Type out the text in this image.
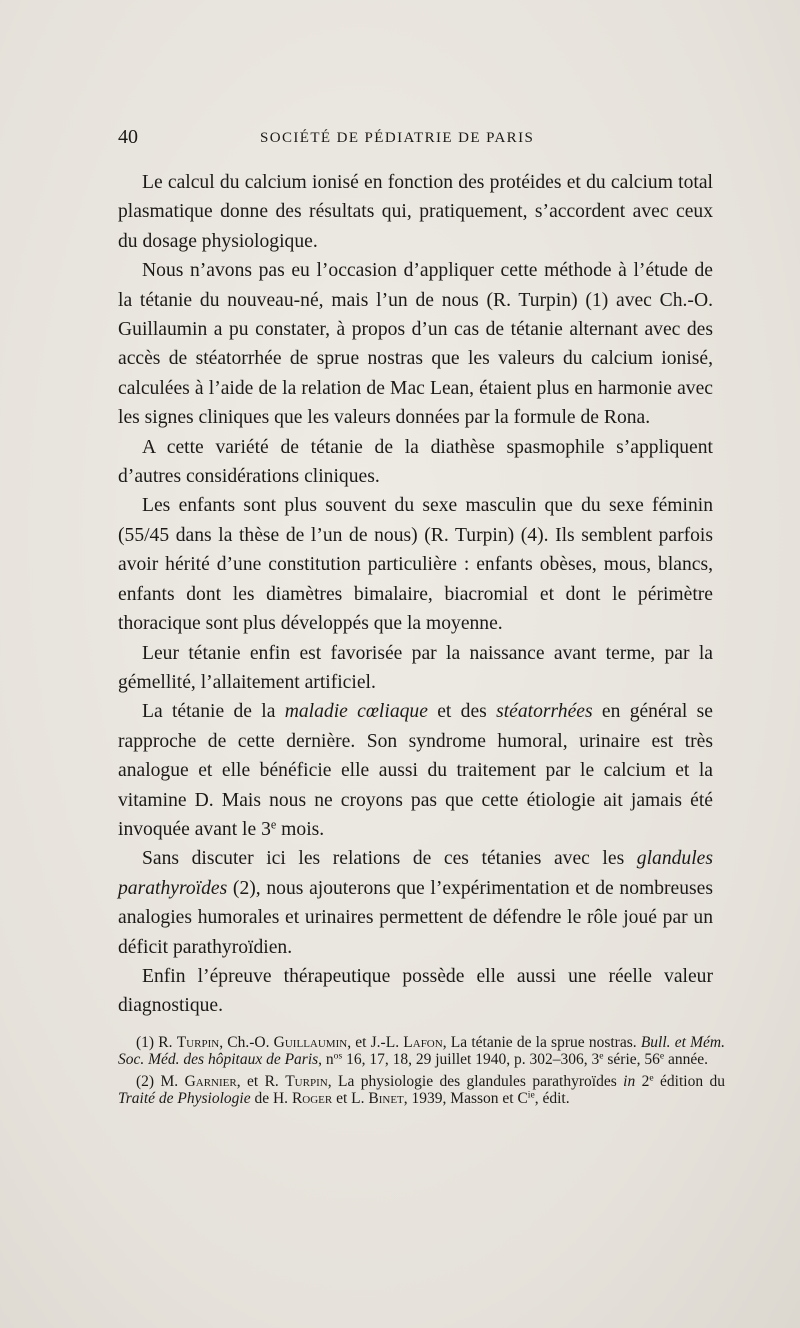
40	SOCIÉTÉ DE PÉDIATRIE DE PARIS

Le calcul du calcium ionisé en fonction des protéides et du calcium total plasmatique donne des résultats qui, pratiquement, s’accordent avec ceux du dosage physiologique.

Nous n’avons pas eu l’occasion d’appliquer cette méthode à l’étude de la tétanie du nouveau-né, mais l’un de nous (R. Turpin) (1) avec Ch.-O. Guillaumin a pu constater, à propos d’un cas de tétanie alternant avec des accès de stéatorrhée de sprue nostras que les valeurs du calcium ionisé, calculées à l’aide de la relation de Mac Lean, étaient plus en harmonie avec les signes cliniques que les valeurs données par la formule de Rona.

A cette variété de tétanie de la diathèse spasmophile s’appliquent d’autres considérations cliniques.

Les enfants sont plus souvent du sexe masculin que du sexe féminin (55/45 dans la thèse de l’un de nous) (R. Turpin) (4). Ils semblent parfois avoir hérité d’une constitution particulière : enfants obèses, mous, blancs, enfants dont les diamètres bimalaire, biacromial et dont le périmètre thoracique sont plus développés que la moyenne.

Leur tétanie enfin est favorisée par la naissance avant terme, par la gémellité, l’allaitement artificiel.

La tétanie de la maladie cœliaque et des stéatorrhées en général se rapproche de cette dernière. Son syndrome humoral, urinaire est très analogue et elle bénéficie elle aussi du traitement par le calcium et la vitamine D. Mais nous ne croyons pas que cette étiologie ait jamais été invoquée avant le 3e mois.

Sans discuter ici les relations de ces tétanies avec les glandules parathyroïdes (2), nous ajouterons que l’expérimentation et de nombreuses analogies humorales et urinaires permettent de défendre le rôle joué par un déficit parathyroïdien.

Enfin l’épreuve thérapeutique possède elle aussi une réelle valeur diagnostique.

(1) R. Turpin, Ch.-O. Guillaumin, et J.-L. Lafon, La tétanie de la sprue nostras. Bull. et Mém. Soc. Méd. des hôpitaux de Paris, $n^{os}$ 16, 17, 18, 29 juillet 1940, p. 302–306, 3e série, 56e année.

(2) M. Garnier, et R. Turpin, La physiologie des glandules parathyroïdes in 2e édition du Traité de Physiologie de H. Roger et L. Binet, 1939, Masson et $C^{ie}$, édit.
